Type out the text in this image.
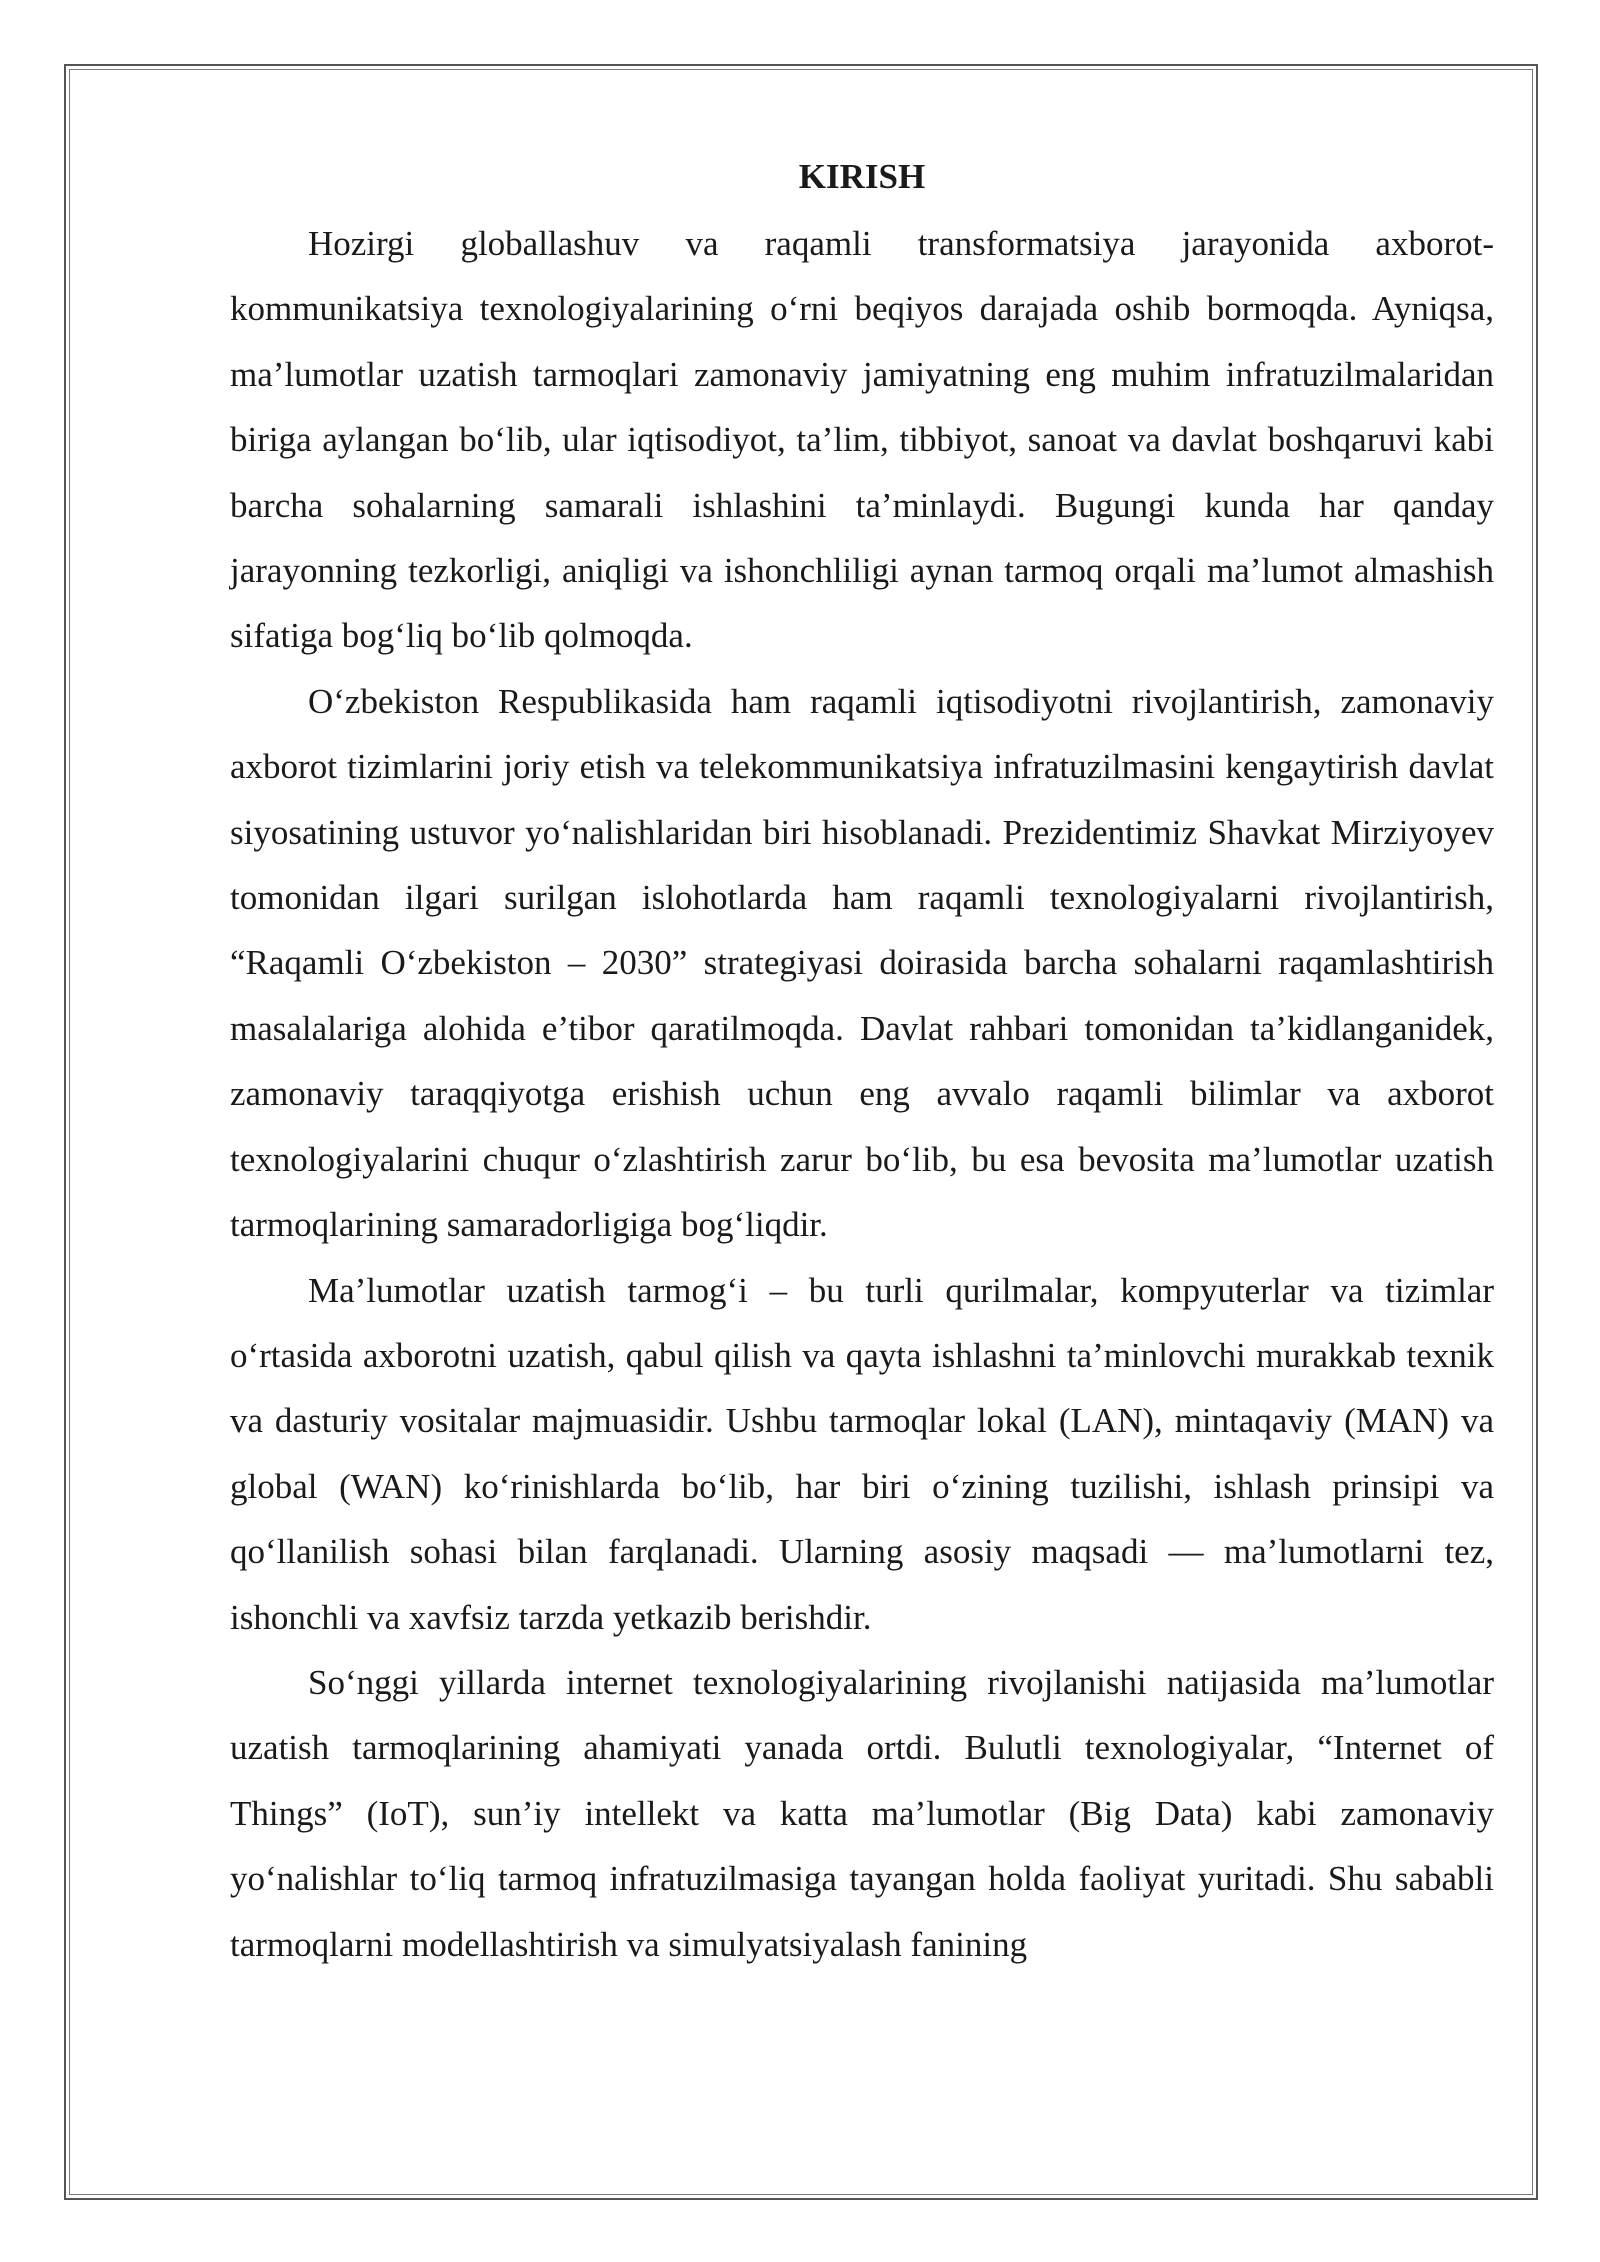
KIRISH

Hozirgi globallashuv va raqamli transformatsiya jarayonida axborot-kommunikatsiya texnologiyalarining o‘rni beqiyos darajada oshib bormoqda. Ayniqsa, ma’lumotlar uzatish tarmoqlari zamonaviy jamiyatning eng muhim infratuzilmalaridan biriga aylangan bo‘lib, ular iqtisodiyot, ta’lim, tibbiyot, sanoat va davlat boshqaruvi kabi barcha sohalarning samarali ishlashini ta’minlaydi. Bugungi kunda har qanday jarayonning tezkorligi, aniqligi va ishonchliligi aynan tarmoq orqali ma’lumot almashish sifatiga bog‘liq bo‘lib qolmoqda.

O‘zbekiston Respublikasida ham raqamli iqtisodiyotni rivojlantirish, zamonaviy axborot tizimlarini joriy etish va telekommunikatsiya infratuzilmasini kengaytirish davlat siyosatining ustuvor yo‘nalishlaridan biri hisoblanadi. Prezidentimiz Shavkat Mirziyoyev tomonidan ilgari surilgan islohotlarda ham raqamli texnologiyalarni rivojlantirish, “Raqamli O‘zbekiston – 2030” strategiyasi doirasida barcha sohalarni raqamlashtirish masalalariga alohida e’tibor qaratilmoqda. Davlat rahbari tomonidan ta’kidlanganidek, zamonaviy taraqqiyotga erishish uchun eng avvalo raqamli bilimlar va axborot texnologiyalarini chuqur o‘zlashtirish zarur bo‘lib, bu esa bevosita ma’lumotlar uzatish tarmoqlarining samaradorligiga bog‘liqdir.

Ma’lumotlar uzatish tarmog‘i – bu turli qurilmalar, kompyuterlar va tizimlar o‘rtasida axborotni uzatish, qabul qilish va qayta ishlashni ta’minlovchi murakkab texnik va dasturiy vositalar majmuasidir. Ushbu tarmoqlar lokal (LAN), mintaqaviy (MAN) va global (WAN) ko‘rinishlarda bo‘lib, har biri o‘zining tuzilishi, ishlash prinsipi va qo‘llanilish sohasi bilan farqlanadi. Ularning asosiy maqsadi — ma’lumotlarni tez, ishonchli va xavfsiz tarzda yetkazib berishdir.

So‘nggi yillarda internet texnologiyalarining rivojlanishi natijasida ma’lumotlar uzatish tarmoqlarining ahamiyati yanada ortdi. Bulutli texnologiyalar, “Internet of Things” (IoT), sun’iy intellekt va katta ma’lumotlar (Big Data) kabi zamonaviy yo‘nalishlar to‘liq tarmoq infratuzilmasiga tayangan holda faoliyat yuritadi. Shu sababli tarmoqlarni modellashtirish va simulyatsiyalash fanining
